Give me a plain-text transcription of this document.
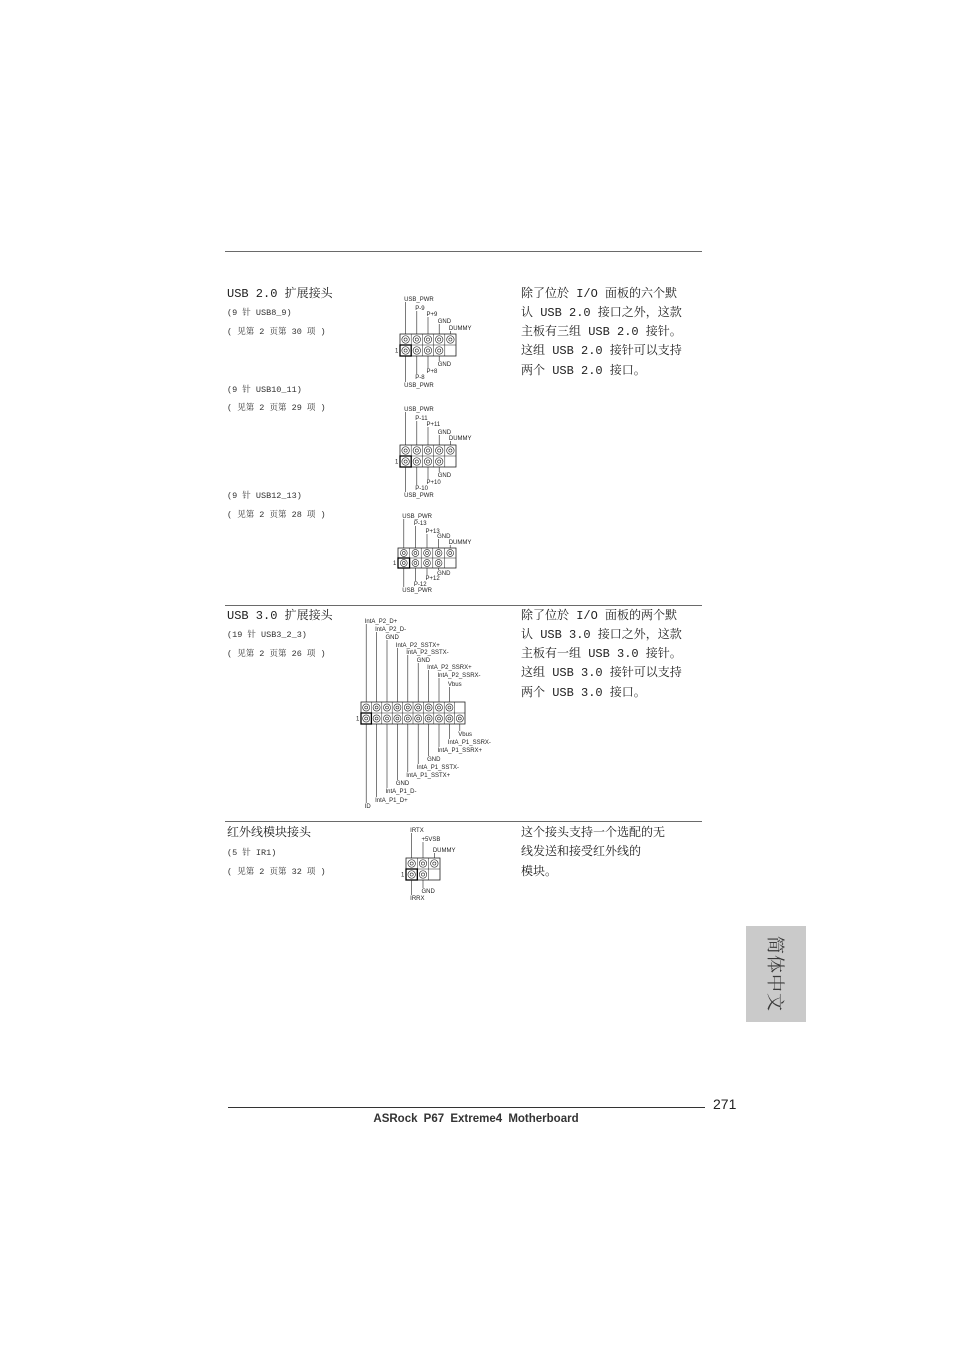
USB 2.0 扩展接头
(9 针 USB8_9)
( 见第 2 页第 30 项 )
(9 针 USB10_11)
( 见第 2 页第 29 项 )
(9 针 USB12_13)
( 见第 2 页第 28 项 )
除了位於 I/O 面板的六个默
认 USB 2.0 接口之外，这款
主板有三组 USB 2.0 接针。
这组 USB 2.0 接针可以支持
两个 USB 2.0 接口。
USB 3.0 扩展接头
(19 针 USB3_2_3)
( 见第 2 页第 26 项 )
除了位於 I/O 面板的两个默
认 USB 3.0 接口之外，这款
主板有一组 USB 3.0 接针。
这组 USB 3.0 接针可以支持
两个 USB 3.0 接口。
红外线模块接头
(5 针 IR1)
( 见第 2 页第 32 项 )
这个接头支持一个选配的无
线发送和接受红外线的
模块。
USB_PWR
P-9
P+9
GND
DUMMY
USB_PWR
P-8
P+8
GND
1
USB_PWR
P-11
P+11
GND
DUMMY
USB_PWR
P-10
P+10
GND
1
USB_PWR
P-13
P+13
GND
DUMMY
USB_PWR
P-12
P+12
GND
1
IntA_P2_D+
IntA_P2_D-
GND
IntA_P2_SSTX+
IntA_P2_SSTX-
GND
IntA_P2_SSRX+
IntA_P2_SSRX-
Vbus
ID
IntA_P1_D+
IntA_P1_D-
GND
IntA_P1_SSTX+
IntA_P1_SSTX-
GND
IntA_P1_SSRX+
IntA_P1_SSRX-
Vbus
1
IRTX
+5VSB
DUMMY
IRRX
GND
1
简体中文
271
ASRock P67 Extreme4 Motherboard
